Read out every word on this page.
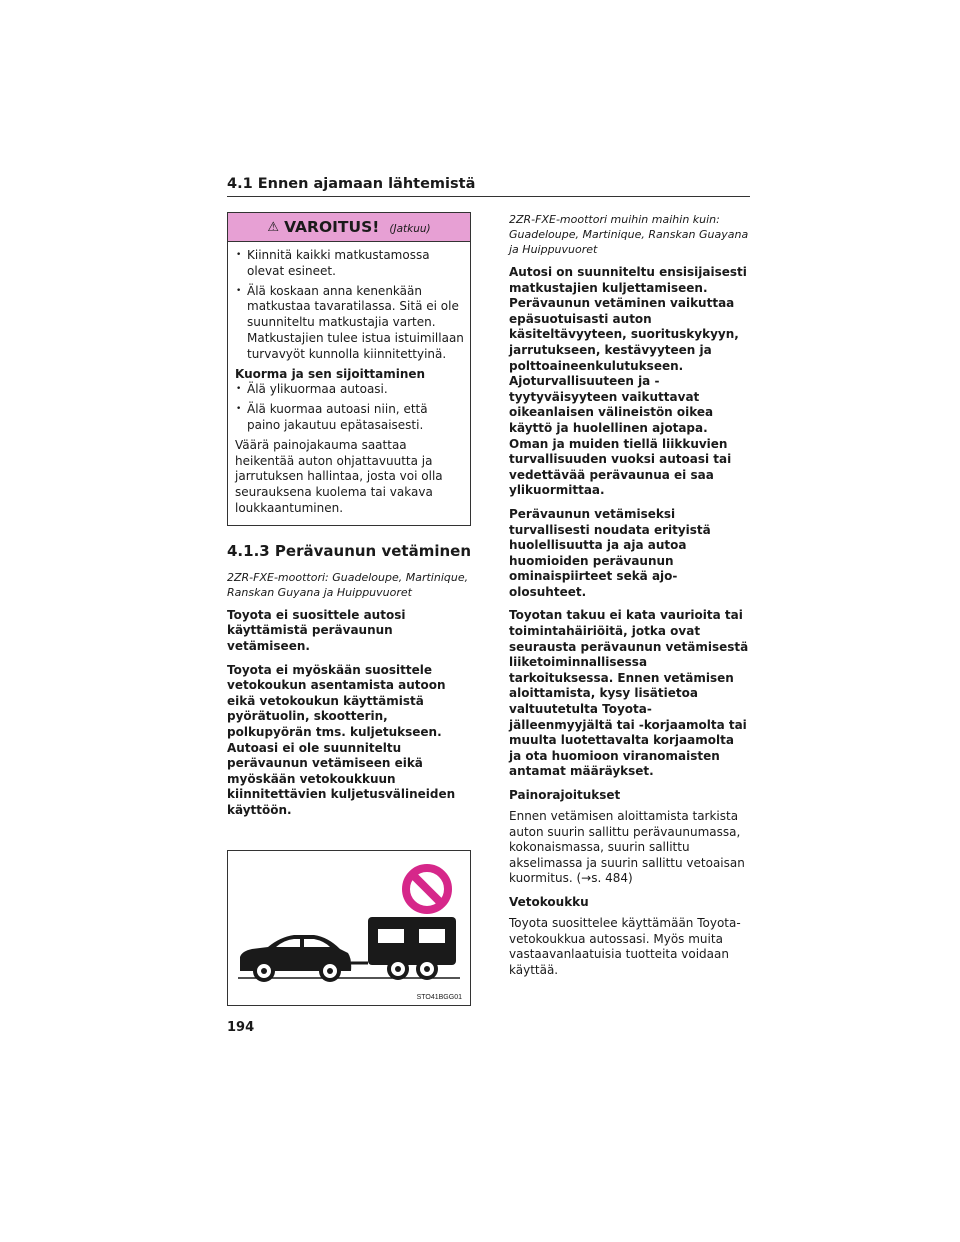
4.1 Ennen ajamaan lähtemistä
⚠ VAROITUS! (Jatkuu)
• Kiinnitä kaikki matkustamossa olevat esineet.
• Älä koskaan anna kenenkään matkustaa tavaratilassa. Sitä ei ole suunniteltu matkustajia varten. Matkustajien tulee istua istuimillaan turvavyöt kunnolla kiinnitettyinä.
Kuorma ja sen sijoittaminen
• Älä ylikuormaa autoasi.
• Älä kuormaa autoasi niin, että paino jakautuu epätasaisesti.
Väärä painojakauma saattaa heikentää auton ohjattavuutta ja jarrutuksen hallintaa, josta voi olla seurauksena kuolema tai vakava loukkaantuminen.
4.1.3 Perävaunun vetäminen
2ZR-FXE-moottori: Guadeloupe, Martinique, Ranskan Guyana ja Huippuvuoret
Toyota ei suosittele autosi käyttämistä perävaunun vetämiseen.
Toyota ei myöskään suosittele vetokoukun asentamista autoon eikä vetokoukun käyttämistä pyörätuolin, skootterin, polkupyörän tms. kuljetukseen. Autoasi ei ole suunniteltu perävaunun vetämiseen eikä myöskään vetokoukkuun kiinnitettävien kuljetusvälineiden käyttöön.
STO41BGG01
2ZR-FXE-moottori muihin maihin kuin: Guadeloupe, Martinique, Ranskan Guayana ja Huippuvuoret
Autosi on suunniteltu ensisijaisesti matkustajien kuljettamiseen. Perävaunun vetäminen vaikuttaa epäsuotuisasti auton käsiteltävyyteen, suorituskykyyn, jarrutukseen, kestävyyteen ja polttoaineenkulutukseen. Ajoturvallisuuteen ja -tyytyväisyyteen vaikuttavat oikeanlaisen välineistön oikea käyttö ja huolellinen ajotapa. Oman ja muiden tiellä liikkuvien turvallisuuden vuoksi autoasi tai vedettävää perävaunua ei saa ylikuormittaa.
Perävaunun vetämiseksi turvallisesti noudata erityistä huolellisuutta ja aja autoa huomioiden perävaunun ominaispiirteet sekä ajo-olosuhteet.
Toyotan takuu ei kata vaurioita tai toimintahäiriöitä, jotka ovat seurausta perävaunun vetämisestä liiketoiminnallisessa tarkoituksessa. Ennen vetämisen aloittamista, kysy lisätietoa valtuutetulta Toyota-jälleenmyyjältä tai -korjaamolta tai muulta luotettavalta korjaamolta ja ota huomioon viranomaisten antamat määräykset.
Painorajoitukset
Ennen vetämisen aloittamista tarkista auton suurin sallittu perävaunumassa, kokonaismassa, suurin sallittu akselimassa ja suurin sallittu vetoaisan kuormitus. (→s. 484)
Vetokoukku
Toyota suosittelee käyttämään Toyota-vetokoukkua autossasi. Myös muita vastaavanlaatuisia tuotteita voidaan käyttää.
194
